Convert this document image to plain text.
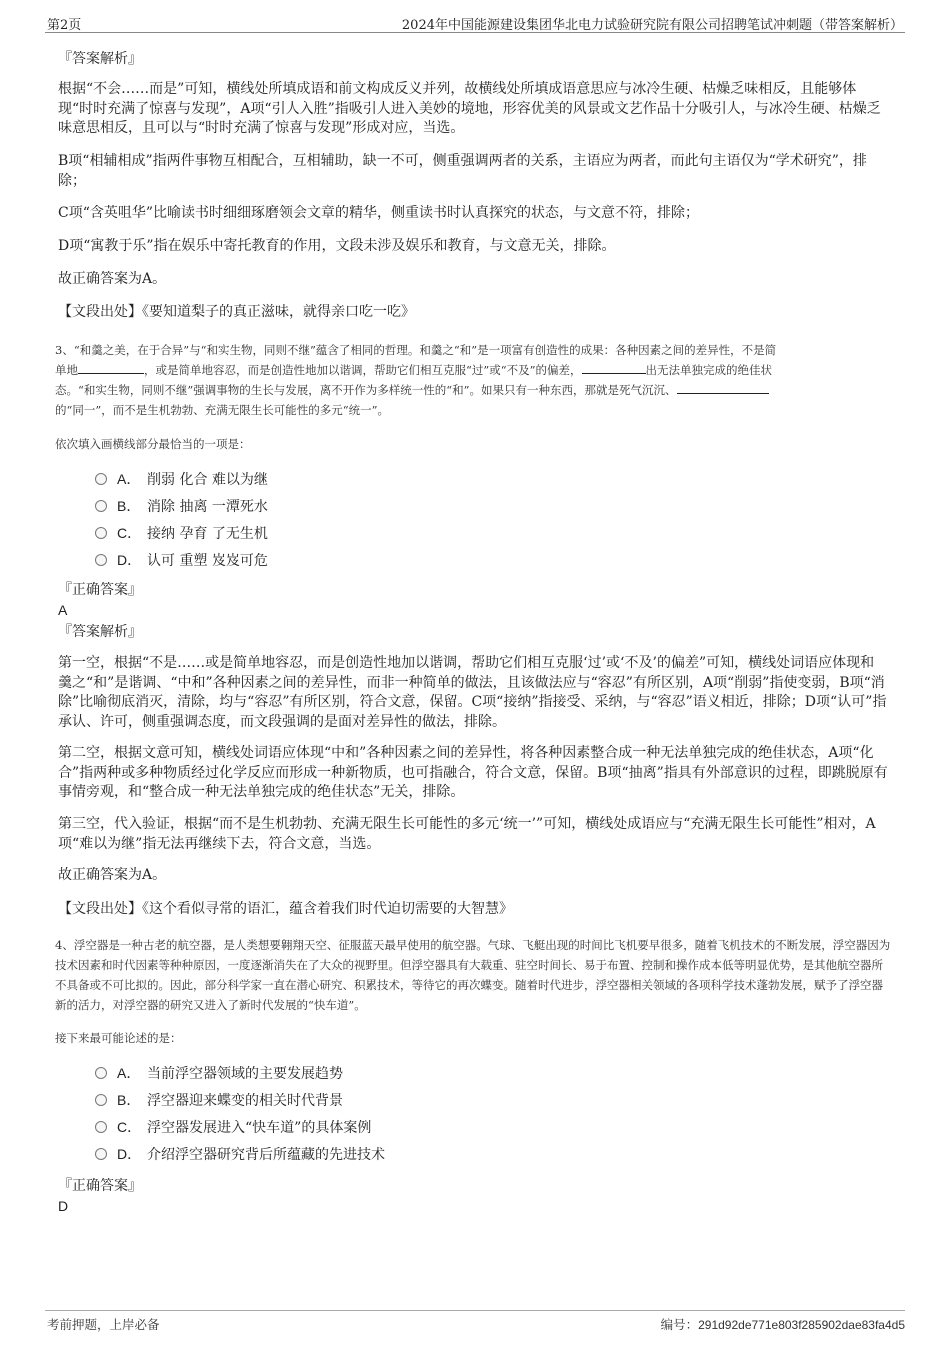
第2页	2024年中国能源建设集团华北电力试验研究院有限公司招聘笔试冲刺题（带答案解析）
『答案解析』
根据“不会……而是”可知，横线处所填成语和前文构成反义并列，故横线处所填成语意思应与冰冷生硬、枯燥乏味相反，且能够体现“时时充满了惊喜与发现”，A项“引人入胜”指吸引人进入美妙的境地，形容优美的风景或文艺作品十分吸引人，与冰冷生硬、枯燥乏味意思相反，且可以与“时时充满了惊喜与发现”形成对应，当选。
B项“相辅相成”指两件事物互相配合，互相辅助，缺一不可，侧重强调两者的关系，主语应为两者，而此句主语仅为“学术研究”，排除；
C项“含英咀华”比喻读书时细细琢磨领会文章的精华，侧重读书时认真探究的状态，与文意不符，排除；
D项“寓教于乐”指在娱乐中寄托教育的作用，文段未涉及娱乐和教育，与文意无关，排除。
故正确答案为A。
【文段出处】《要知道梨子的真正滋味，就得亲口吃一吃》
3、“和羹之美，在于合异”与“和实生物，同则不继”蕴含了相同的哲理。和羹之“和”是一项富有创造性的成果：各种因素之间的差异性，不是简
单地	，或是简单地容忍，而是创造性地加以谐调，帮助它们相互克服“过”或“不及”的偏差，	出无法单独完成的绝佳状
态。“和实生物，同则不继”强调事物的生长与发展，离不开作为多样统一性的“和”。如果只有一种东西，那就是死气沉沉、
的“同一”，而不是生机勃勃、充满无限生长可能性的多元“统一”。
依次填入画横线部分最恰当的一项是：
A． 削弱 化合 难以为继
B． 消除 抽离 一潭死水
C． 接纳 孕育 了无生机
D． 认可 重塑 岌岌可危
『正确答案』
A
『答案解析』
第一空，根据“不是……或是简单地容忍，而是创造性地加以谐调，帮助它们相互克服‘过’或‘不及’的偏差”可知，横线处词语应体现和羹之“和”是谐调、“中和”各种因素之间的差异性，而非一种简单的做法，且该做法应与“容忍”有所区别，A项“削弱”指使变弱，B项“消除”比喻彻底消灭，清除，均与“容忍”有所区别，符合文意，保留。C项“接纳”指接受、采纳，与“容忍”语义相近，排除；D项“认可”指承认、许可，侧重强调态度，而文段强调的是面对差异性的做法，排除。
第二空，根据文意可知，横线处词语应体现“中和”各种因素之间的差异性，将各种因素整合成一种无法单独完成的绝佳状态，A项“化合”指两种或多种物质经过化学反应而形成一种新物质，也可指融合，符合文意，保留。B项“抽离”指具有外部意识的过程，即跳脱原有事情旁观，和“整合成一种无法单独完成的绝佳状态”无关，排除。
第三空，代入验证，根据“而不是生机勃勃、充满无限生长可能性的多元‘统一’”可知，横线处成语应与“充满无限生长可能性”相对，A项“难以为继”指无法再继续下去，符合文意，当选。
故正确答案为A。
【文段出处】《这个看似寻常的语汇，蕴含着我们时代迫切需要的大智慧》
4、浮空器是一种古老的航空器，是人类想要翱翔天空、征服蓝天最早使用的航空器。气球、飞艇出现的时间比飞机要早很多，随着飞机技术的不断发展，浮空器因为技术因素和时代因素等种种原因，一度逐渐消失在了大众的视野里。但浮空器具有大载重、驻空时间长、易于布置、控制和操作成本低等明显优势，是其他航空器所不具备或不可比拟的。因此，部分科学家一直在潜心研究、积累技术，等待它的再次蝶变。随着时代进步，浮空器相关领域的各项科学技术蓬勃发展，赋予了浮空器新的活力，对浮空器的研究又进入了新时代发展的“快车道”。
接下来最可能论述的是：
A． 当前浮空器领域的主要发展趋势
B． 浮空器迎来蝶变的相关时代背景
C． 浮空器发展进入“快车道”的具体案例
D． 介绍浮空器研究背后所蕴藏的先进技术
『正确答案』
D
考前押题，上岸必备	编号：291d92de771e803f285902dae83fa4d5
